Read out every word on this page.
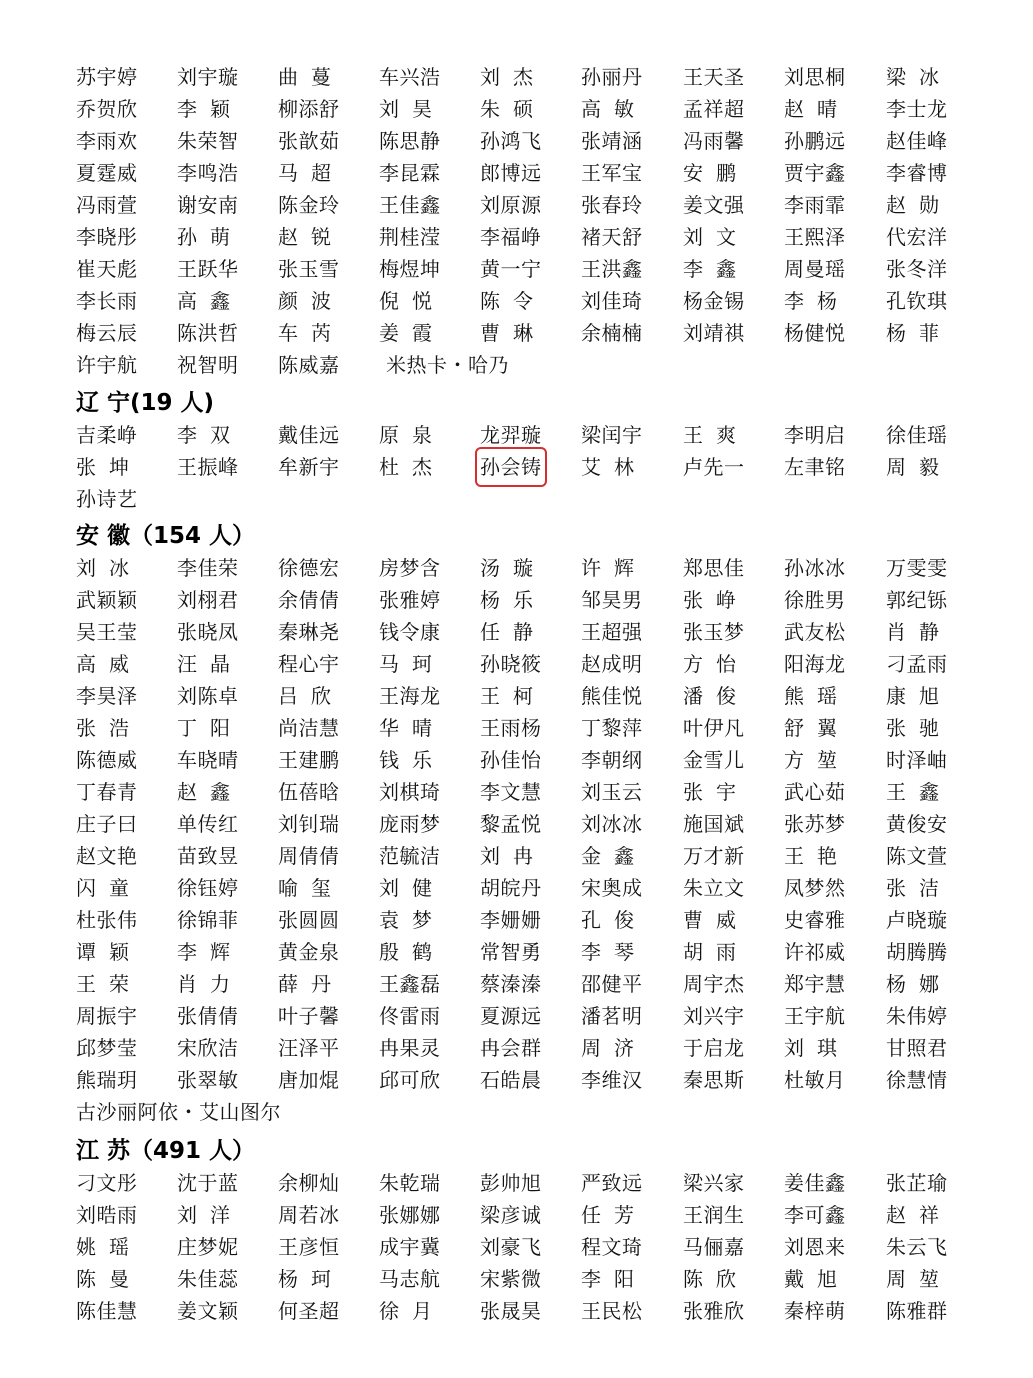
苏宇婷 刘宇璇 曲蔓 车兴浩 刘杰 孙丽丹 王天圣 刘思桐 梁冰
乔贺欣 李颖 柳添舒 刘昊 朱硕 高敏 孟祥超 赵晴 李士龙
李雨欢 朱荣智 张歆茹 陈思静 孙鸿飞 张靖涵 冯雨馨 孙鹏远 赵佳峰
夏霆威 李鸣浩 马超 李昆霖 郎博远 王军宝 安鹏 贾宇鑫 李睿博
冯雨萱 谢安南 陈金玲 王佳鑫 刘原源 张春玲 姜文强 李雨霏 赵勋
李晓彤 孙萌 赵锐 荆桂滢 李福峥 褚天舒 刘文 王熙泽 代宏洋
崔天彪 王跃华 张玉雪 梅煜坤 黄一宁 王洪鑫 李鑫 周曼瑶 张冬洋
李长雨 高鑫 颜波 倪悦 陈令 刘佳琦 杨金锡 李杨 孔钦琪
梅云辰 陈洪哲 车芮 姜霞 曹琳 余楠楠 刘靖祺 杨健悦 杨菲
许宇航 祝智明 陈威嘉 米热卡・哈乃
辽 宁(19 人)
吉柔峥 李双 戴佳远 原泉 龙羿璇 梁闰宇 王爽 李明启 徐佳瑶
张坤 王振峰 牟新宇 杜杰 孙会铸 艾林 卢先一 左聿铭 周毅
孙诗艺
安 徽（154 人）
刘冰 李佳荣 徐德宏 房梦含 汤璇 许辉 郑思佳 孙冰冰 万雯雯
武颖颖 刘栩君 余倩倩 张雅婷 杨乐 邹昊男 张峥 徐胜男 郭纪铄
吴王莹 张晓凤 秦琳尧 钱令康 任静 王超强 张玉梦 武友松 肖静
高威 汪晶 程心宇 马珂 孙晓筱 赵成明 方怡 阳海龙 刁孟雨
李昊泽 刘陈卓 吕欣 王海龙 王柯 熊佳悦 潘俊 熊瑶 康旭
张浩 丁阳 尚洁慧 华晴 王雨杨 丁黎萍 叶伊凡 舒翼 张驰
陈德威 车晓晴 王建鹏 钱乐 孙佳怡 李朝纲 金雪儿 方堃 时泽岫
丁春青 赵鑫 伍蓓晗 刘棋琦 李文慧 刘玉云 张宇 武心茹 王鑫
庄子曰 单传红 刘钊瑞 庞雨梦 黎孟悦 刘冰冰 施国斌 张苏梦 黄俊安
赵文艳 苗致昱 周倩倩 范毓洁 刘冉 金鑫 万才新 王艳 陈文萱
闪童 徐钰婷 喻玺 刘健 胡皖丹 宋奥成 朱立文 凤梦然 张洁
杜张伟 徐锦菲 张圆圆 袁梦 李姗姗 孔俊 曹威 史睿雅 卢晓璇
谭颖 李辉 黄金泉 殷鹤 常智勇 李琴 胡雨 许祁威 胡腾腾
王荣 肖力 薛丹 王鑫磊 蔡溱溱 邵健平 周宇杰 郑宇慧 杨娜
周振宇 张倩倩 叶子馨 佟雷雨 夏源远 潘茗明 刘兴宇 王宇航 朱伟婷
邱梦莹 宋欣洁 汪泽平 冉果灵 冉会群 周济 于启龙 刘琪 甘照君
熊瑞玥 张翠敏 唐加焜 邱可欣 石皓晨 李维汉 秦思斯 杜敏月 徐慧情
古沙丽阿依・艾山图尔
江 苏（491 人）
刁文彤 沈于蓝 余柳灿 朱乾瑞 彭帅旭 严致远 梁兴家 姜佳鑫 张芷瑜
刘晧雨 刘洋 周若冰 张娜娜 梁彦诚 任芳 王润生 李可鑫 赵祥
姚瑶 庄梦妮 王彦恒 成宇冀 刘豪飞 程文琦 马俪嘉 刘恩来 朱云飞
陈曼 朱佳蕊 杨珂 马志航 宋紫微 李阳 陈欣 戴旭 周堃
陈佳慧 姜文颖 何圣超 徐月 张晟昊 王民松 张雅欣 秦梓萌 陈雅群
